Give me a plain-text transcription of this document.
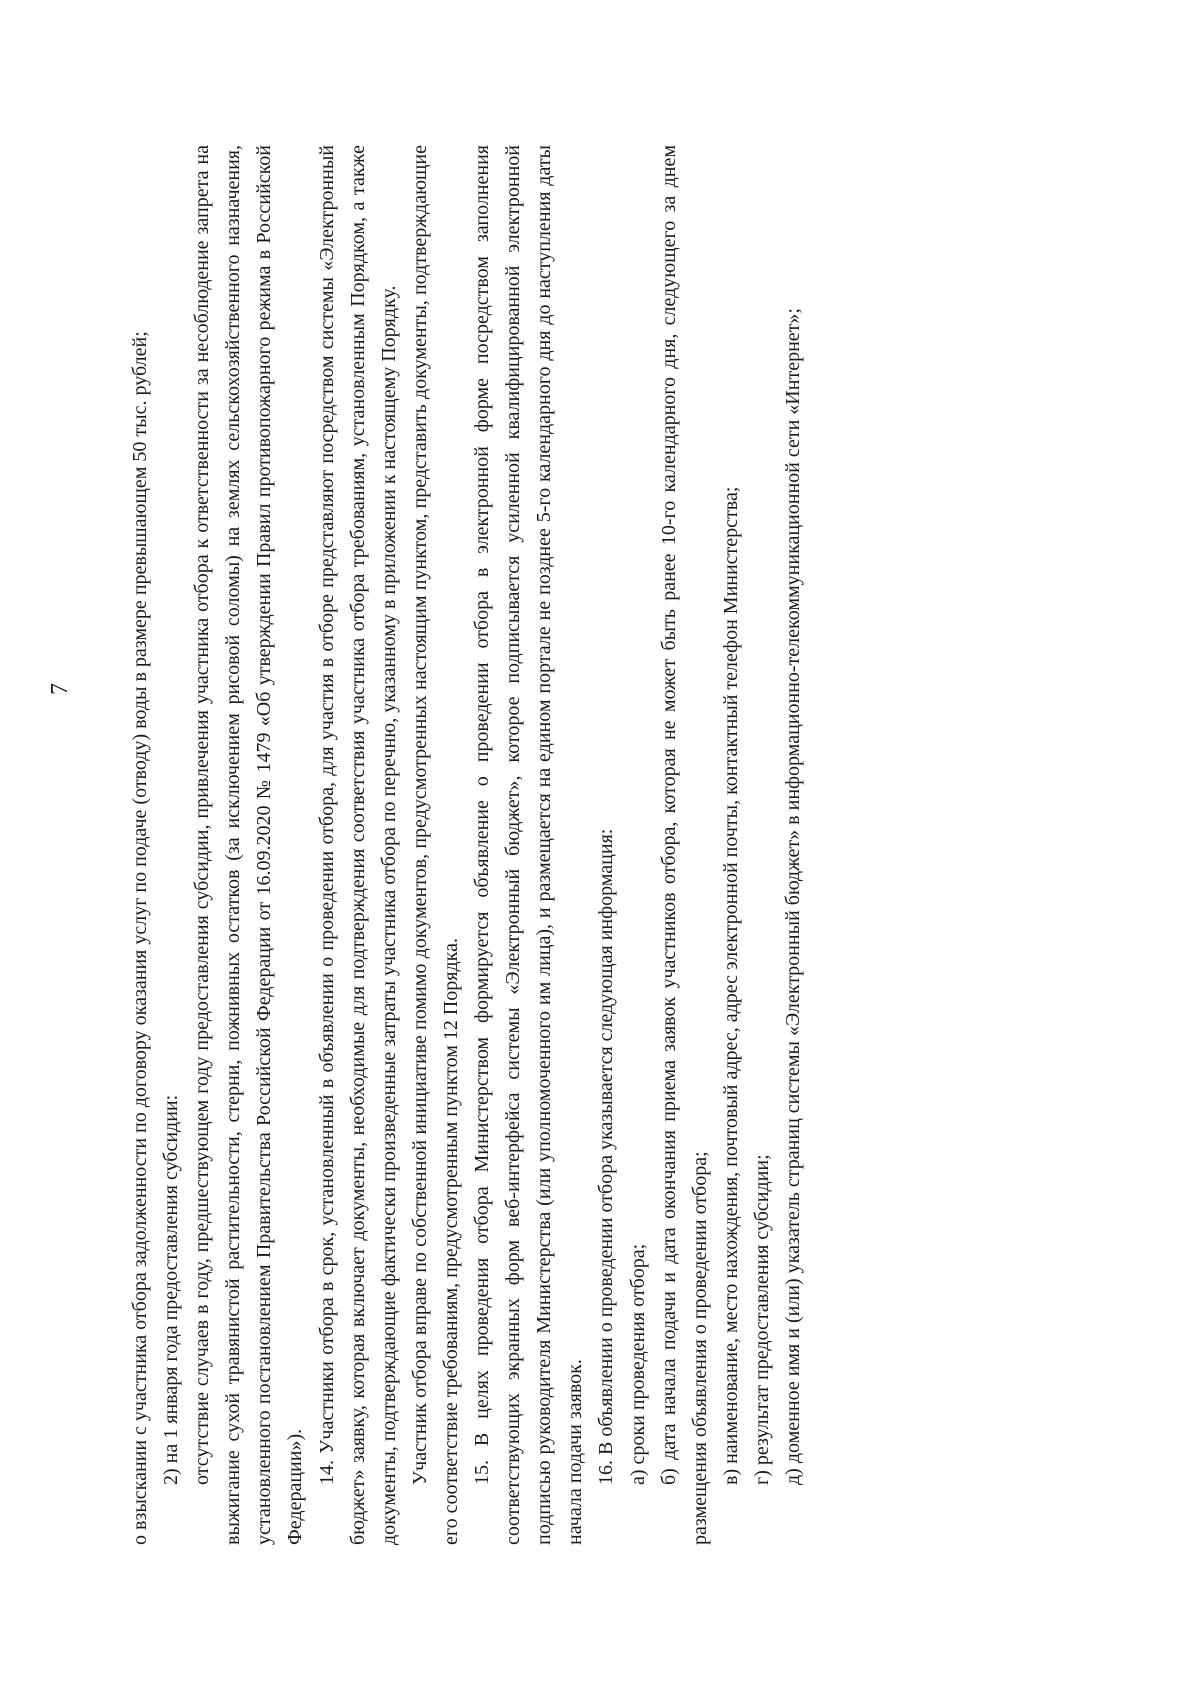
7	о взыскании с участника отбора задолженности по договору оказания услуг по подаче (отводу) воды в размере превышающем 50 тыс. рублей; 2) на 1 января года предоставления субсидии: отсутствие случаев в году, предшествующем году предоставления субсидии, привлечения участника отбора к ответственности за несоблюдение запрета на выжигание сухой травянистой растительности, стерни, пожнивных остатков (за исключением рисовой соломы) на землях сельскохозяйственного назначения, установленного постановлением Правительства Российской Федерации от 16.09.2020 № 1479 «Об утверждении Правил противопожарного режима в Российской Федерации»).

14. Участники отбора в срок, установленный в объявлении о проведении отбора, для участия в отборе представляют посредством системы «Электронный бюджет» заявку, которая включает документы, необходимые для подтверждения соответствия участника отбора требованиям, установленным Порядком, а также документы, подтверждающие фактически произведенные затраты участника отбора по перечню, указанному в приложении к настоящему Порядку. Участник отбора вправе по собственной инициативе помимо документов, предусмотренных настоящим пунктом, представить документы, подтверждающие его соответствие требованиям, предусмотренным пунктом 12 Порядка. 15. В целях проведения отбора Министерством формируется объявление о проведении отбора в электронной форме посредством заполнения соответствующих экранных форм веб-интерфейса системы «Электронный бюджет», которое подписывается усиленной квалифицированной электронной подписью руководителя Министерства (или уполномоченного им лица), и размещается на едином портале не позднее 5-го календарного дня до наступления даты начала подачи заявок. 16. В объявлении о проведении отбора указывается следующая информация: а) сроки проведения отбора; б) дата начала подачи и дата окончания приема заявок участников отбора, которая не может быть ранее 10-го календарного дня, следующего за днем размещения объявления о проведении отбора; в) наименование, место нахождения, почтовый адрес, адрес электронной почты, контактный телефон Министерства; г) результат предоставления субсидии; д) доменное имя и (или) указатель страниц системы «Электронный бюджет» в информационно-телекоммуникационной сети «Интернет»;
